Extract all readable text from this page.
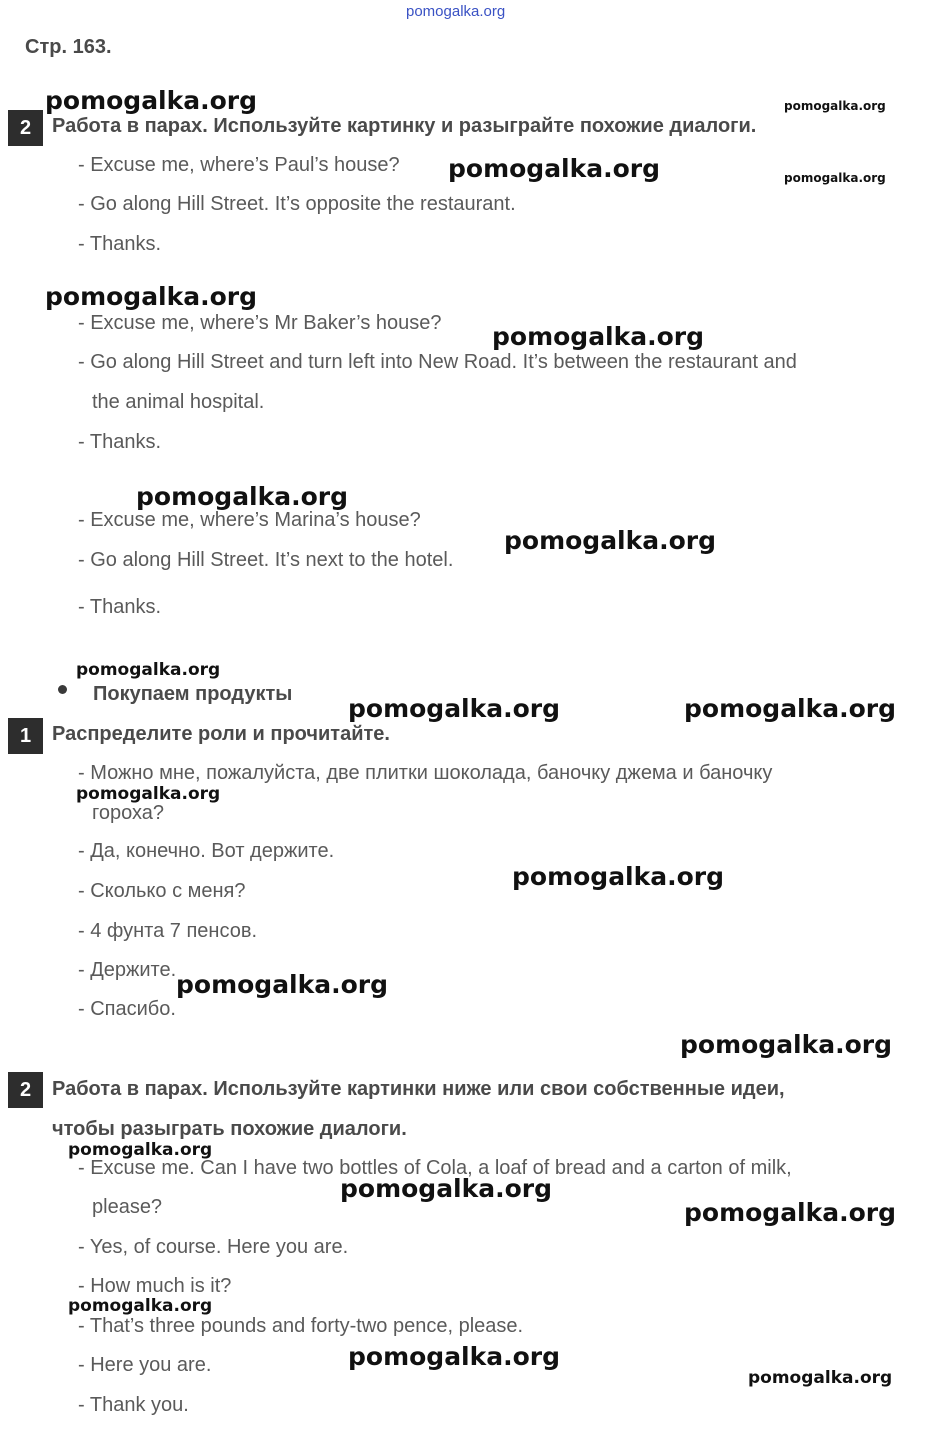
pomogalka.org
Стр. 163.
2	Работа в парах. Используйте картинку и разыграйте похожие диалоги.
- Excuse me, where’s Paul’s house?
- Go along Hill Street. It’s opposite the restaurant.
- Thanks.
- Excuse me, where’s Mr Baker’s house?
- Go along Hill Street and turn left into New Road. It’s between the restaurant and
the animal hospital.
- Thanks.
- Excuse me, where’s Marina’s house?
- Go along Hill Street. It’s next to the hotel.
- Thanks.
Покупаем продукты
1	Распределите роли и прочитайте.
- Можно мне, пожалуйста, две плитки шоколада, баночку джема и баночку
гороха?
- Да, конечно. Вот держите.
- Сколько с меня?
- 4 фунта 7 пенсов.
- Держите.
- Спасибо.
2	Работа в парах. Используйте картинки ниже или свои собственные идеи,
чтобы разыграть похожие диалоги.
- Excuse me. Can I have two bottles of Cola, a loaf of bread and a carton of milk,
please?
- Yes, of course. Here you are.
- How much is it?
- That’s three pounds and forty-two pence, please.
- Here you are.
- Thank you.
pomogalka.org	pomogalka.org
pomogalka.org	pomogalka.org
pomogalka.org
pomogalka.org
pomogalka.org
pomogalka.org
pomogalka.org
pomogalka.org	pomogalka.org
pomogalka.org
pomogalka.org
pomogalka.org
pomogalka.org
pomogalka.org
pomogalka.org
pomogalka.org
pomogalka.org
pomogalka.org
pomogalka.org
